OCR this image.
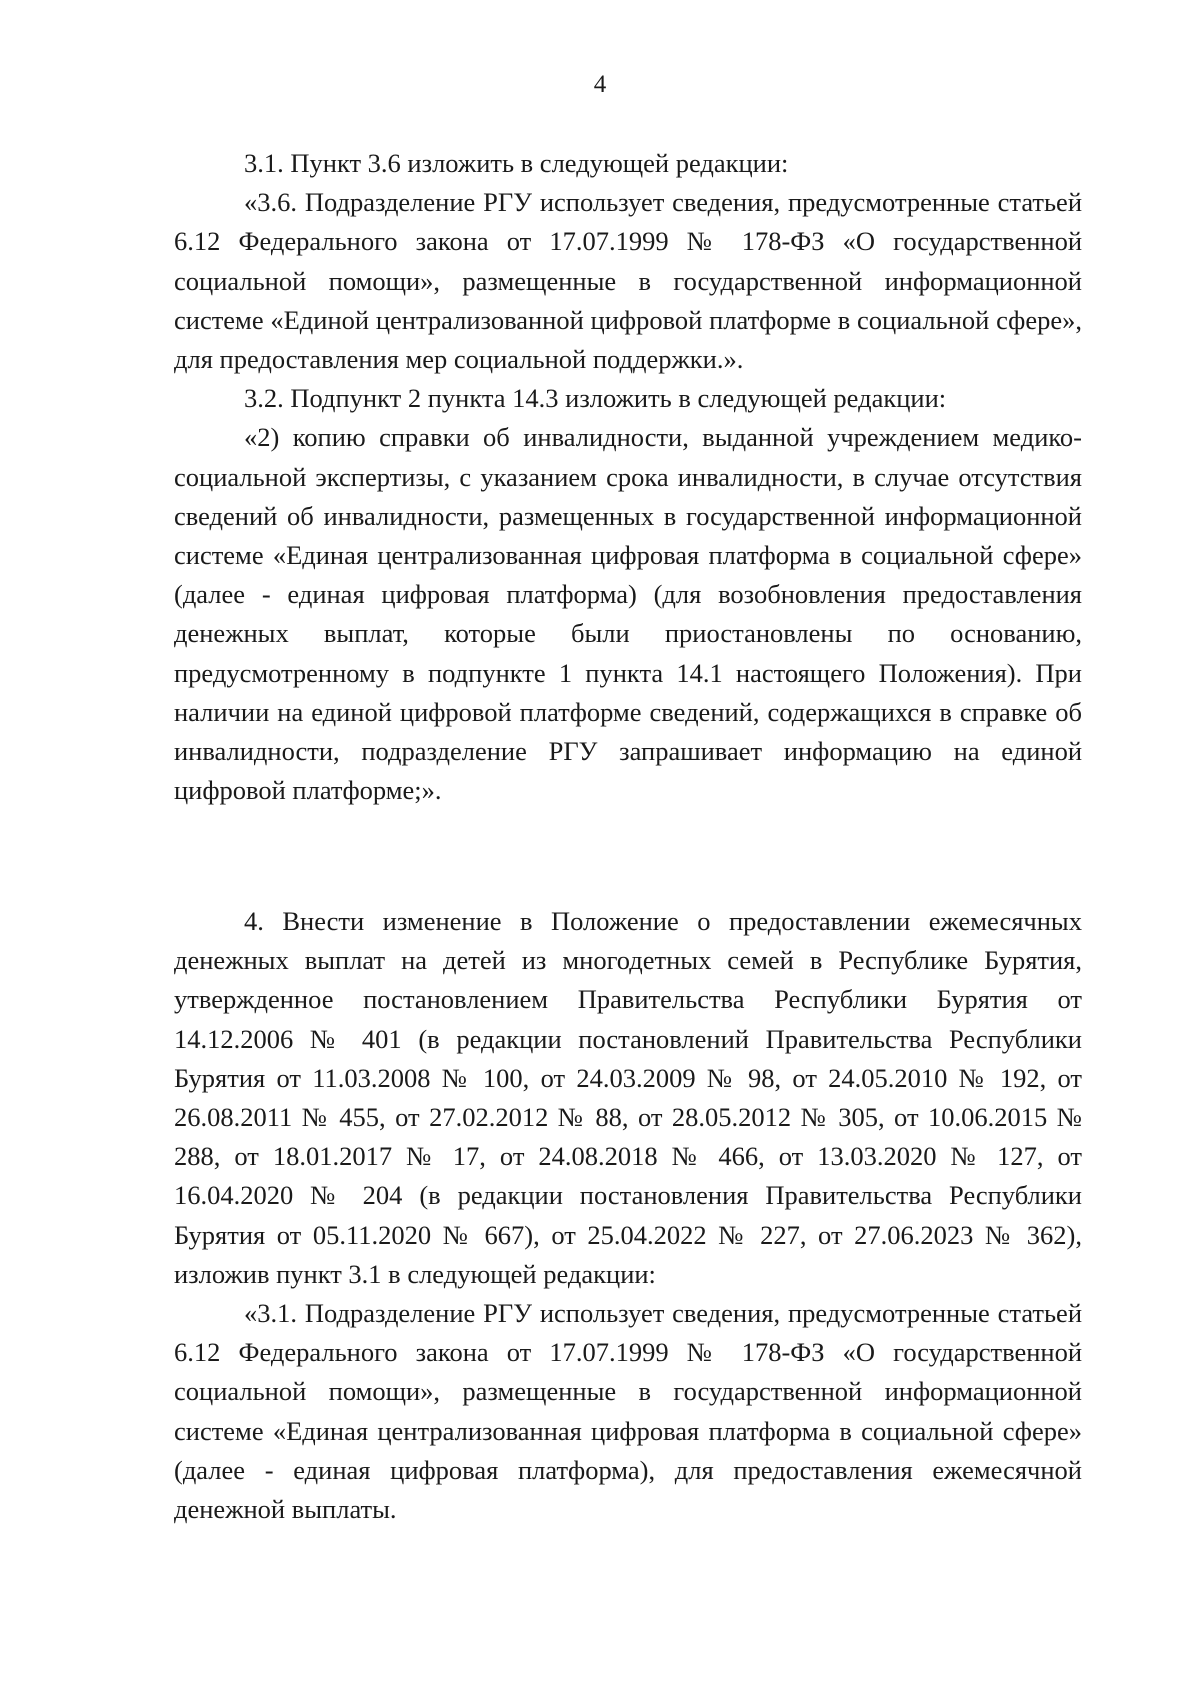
4

3.1. Пункт 3.6 изложить в следующей редакции:

«3.6. Подразделение РГУ использует сведения, предусмотренные статьей 6.12 Федерального закона от 17.07.1999 № 178-ФЗ «О государственной социальной помощи», размещенные в государственной информационной системе «Единой централизованной цифровой платформе в социальной сфере», для предоставления мер социальной поддержки.».

3.2. Подпункт 2 пункта 14.3 изложить в следующей редакции:

«2) копию справки об инвалидности, выданной учреждением медико-социальной экспертизы, с указанием срока инвалидности, в случае отсутствия сведений об инвалидности, размещенных в государственной информационной системе «Единая централизованная цифровая платформа в социальной сфере» (далее - единая цифровая платформа) (для возобновления предоставления денежных выплат, которые были приостановлены по основанию, предусмотренному в подпункте 1 пункта 14.1 настоящего Положения). При наличии на единой цифровой платформе сведений, содержащихся в справке об инвалидности, подразделение РГУ запрашивает информацию на единой цифровой платформе;».

4. Внести изменение в Положение о предоставлении ежемесячных денежных выплат на детей из многодетных семей в Республике Бурятия, утвержденное постановлением Правительства Республики Бурятия от 14.12.2006 № 401 (в редакции постановлений Правительства Республики Бурятия от 11.03.2008 № 100, от 24.03.2009 № 98, от 24.05.2010 № 192, от 26.08.2011 № 455, от 27.02.2012 № 88, от 28.05.2012 № 305, от 10.06.2015 № 288, от 18.01.2017 № 17, от 24.08.2018 № 466, от 13.03.2020 № 127, от 16.04.2020 № 204 (в редакции постановления Правительства Республики Бурятия от 05.11.2020 № 667), от 25.04.2022 № 227, от 27.06.2023 № 362), изложив пункт 3.1 в следующей редакции:

«3.1. Подразделение РГУ использует сведения, предусмотренные статьей 6.12 Федерального закона от 17.07.1999 № 178-ФЗ «О государственной социальной помощи», размещенные в государственной информационной системе «Единая централизованная цифровая платформа в социальной сфере» (далее - единая цифровая платформа), для предоставления ежемесячной денежной выплаты.
